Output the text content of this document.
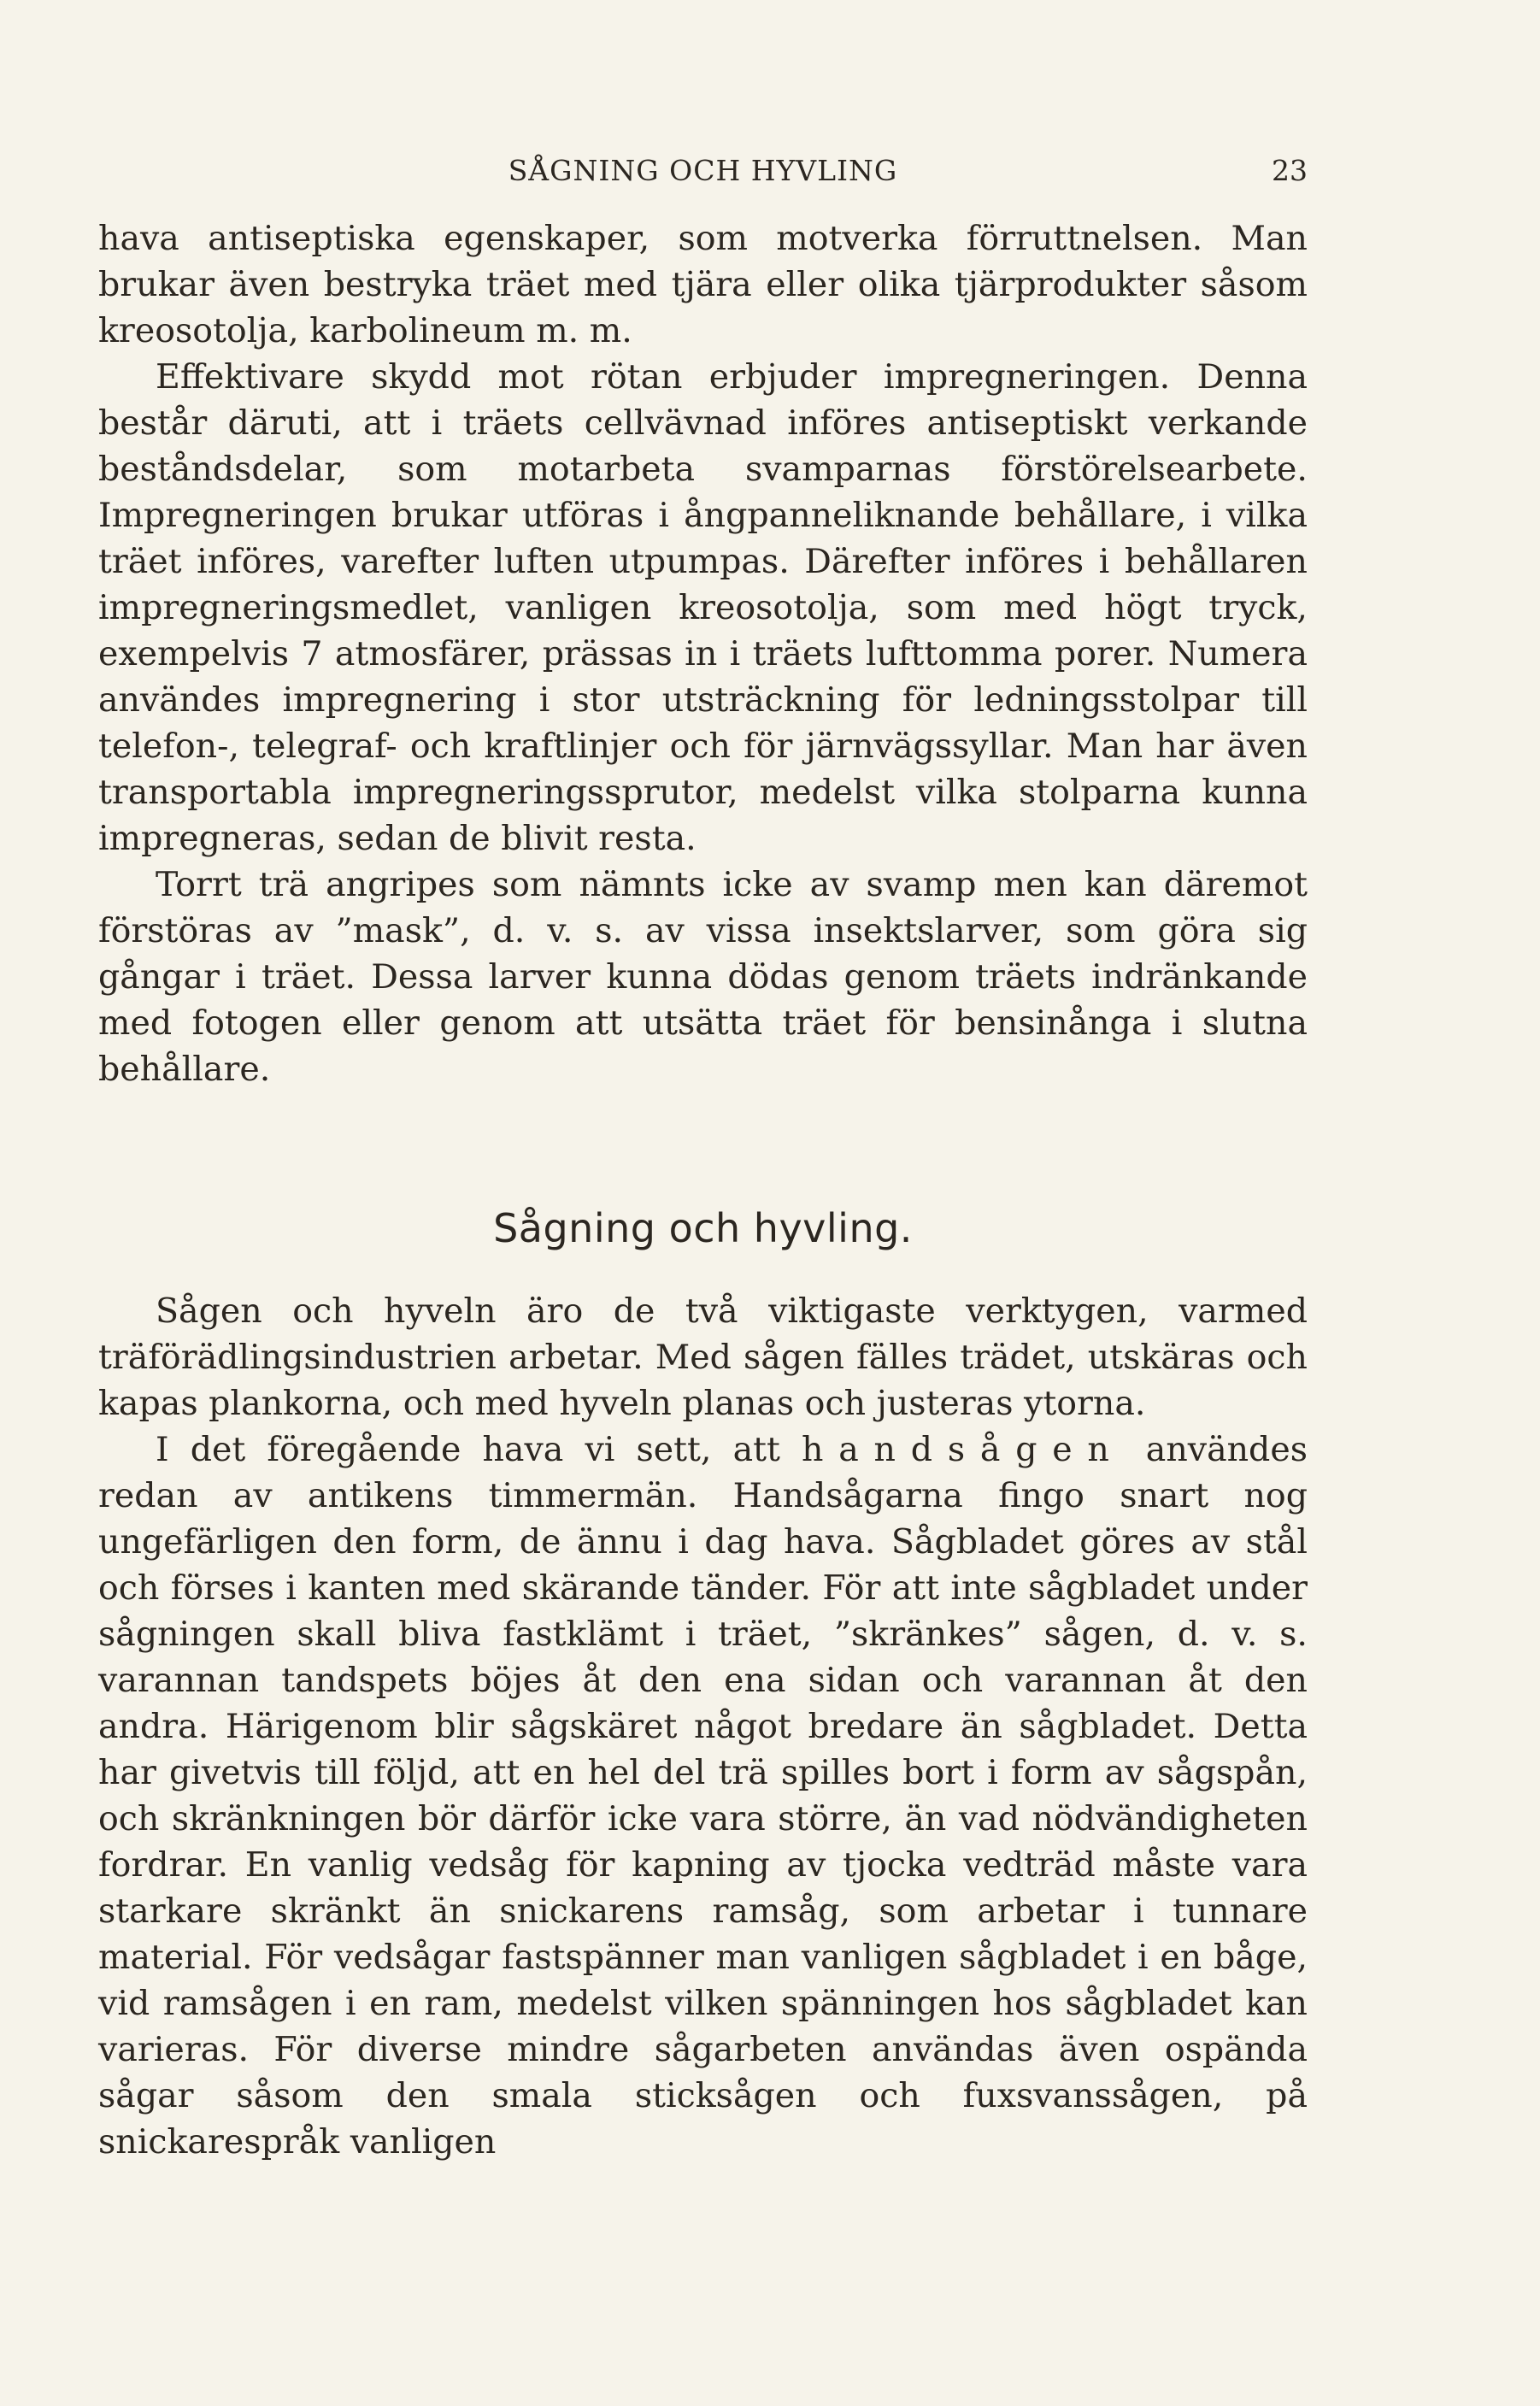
SÅGNING OCH HYVLING	23

hava antiseptiska egenskaper, som motverka förruttnelsen. Man brukar även bestryka träet med tjära eller olika tjärprodukter såsom kreosotolja, karbolineum m. m.

Effektivare skydd mot rötan erbjuder impregneringen. Denna består däruti, att i träets cellvävnad införes antiseptiskt verkande beståndsdelar, som motarbeta svamparnas förstörelsearbete. Impregneringen brukar utföras i ångpanneliknande behållare, i vilka träet införes, varefter luften utpumpas. Därefter införes i behållaren impregneringsmedlet, vanligen kreosotolja, som med högt tryck, exempelvis 7 atmosfärer, prässas in i träets lufttomma porer. Numera användes impregnering i stor utsträckning för ledningsstolpar till telefon-, telegraf- och kraftlinjer och för järnvägssyllar. Man har även transportabla impregneringssprutor, medelst vilka stolparna kunna impregneras, sedan de blivit resta.

Torrt trä angripes som nämnts icke av svamp men kan däremot förstöras av ”mask”, d. v. s. av vissa insektslarver, som göra sig gångar i träet. Dessa larver kunna dödas genom träets indränkande med fotogen eller genom att utsätta träet för bensinånga i slutna behållare.

Sågning och hyvling.

Sågen och hyveln äro de två viktigaste verktygen, varmed träförädlingsindustrien arbetar. Med sågen fälles trädet, utskäras och kapas plankorna, och med hyveln planas och justeras ytorna.

I det föregående hava vi sett, att handsågen användes redan av antikens timmermän. Handsågarna fingo snart nog ungefärligen den form, de ännu i dag hava. Sågbladet göres av stål och förses i kanten med skärande tänder. För att inte sågbladet under sågningen skall bliva fastklämt i träet, ”skränkes” sågen, d. v. s. varannan tandspets böjes åt den ena sidan och varannan åt den andra. Härigenom blir sågskäret något bredare än sågbladet. Detta har givetvis till följd, att en hel del trä spilles bort i form av sågspån, och skränkningen bör därför icke vara större, än vad nödvändigheten fordrar. En vanlig vedsåg för kapning av tjocka vedträd måste vara starkare skränkt än snickarens ramsåg, som arbetar i tunnare material. För vedsågar fastspänner man vanligen sågbladet i en båge, vid ramsågen i en ram, medelst vilken spänningen hos sågbladet kan varieras. För diverse mindre sågarbeten användas även ospända sågar såsom den smala sticksågen och fuxsvanssågen, på snickarespråk vanligen
